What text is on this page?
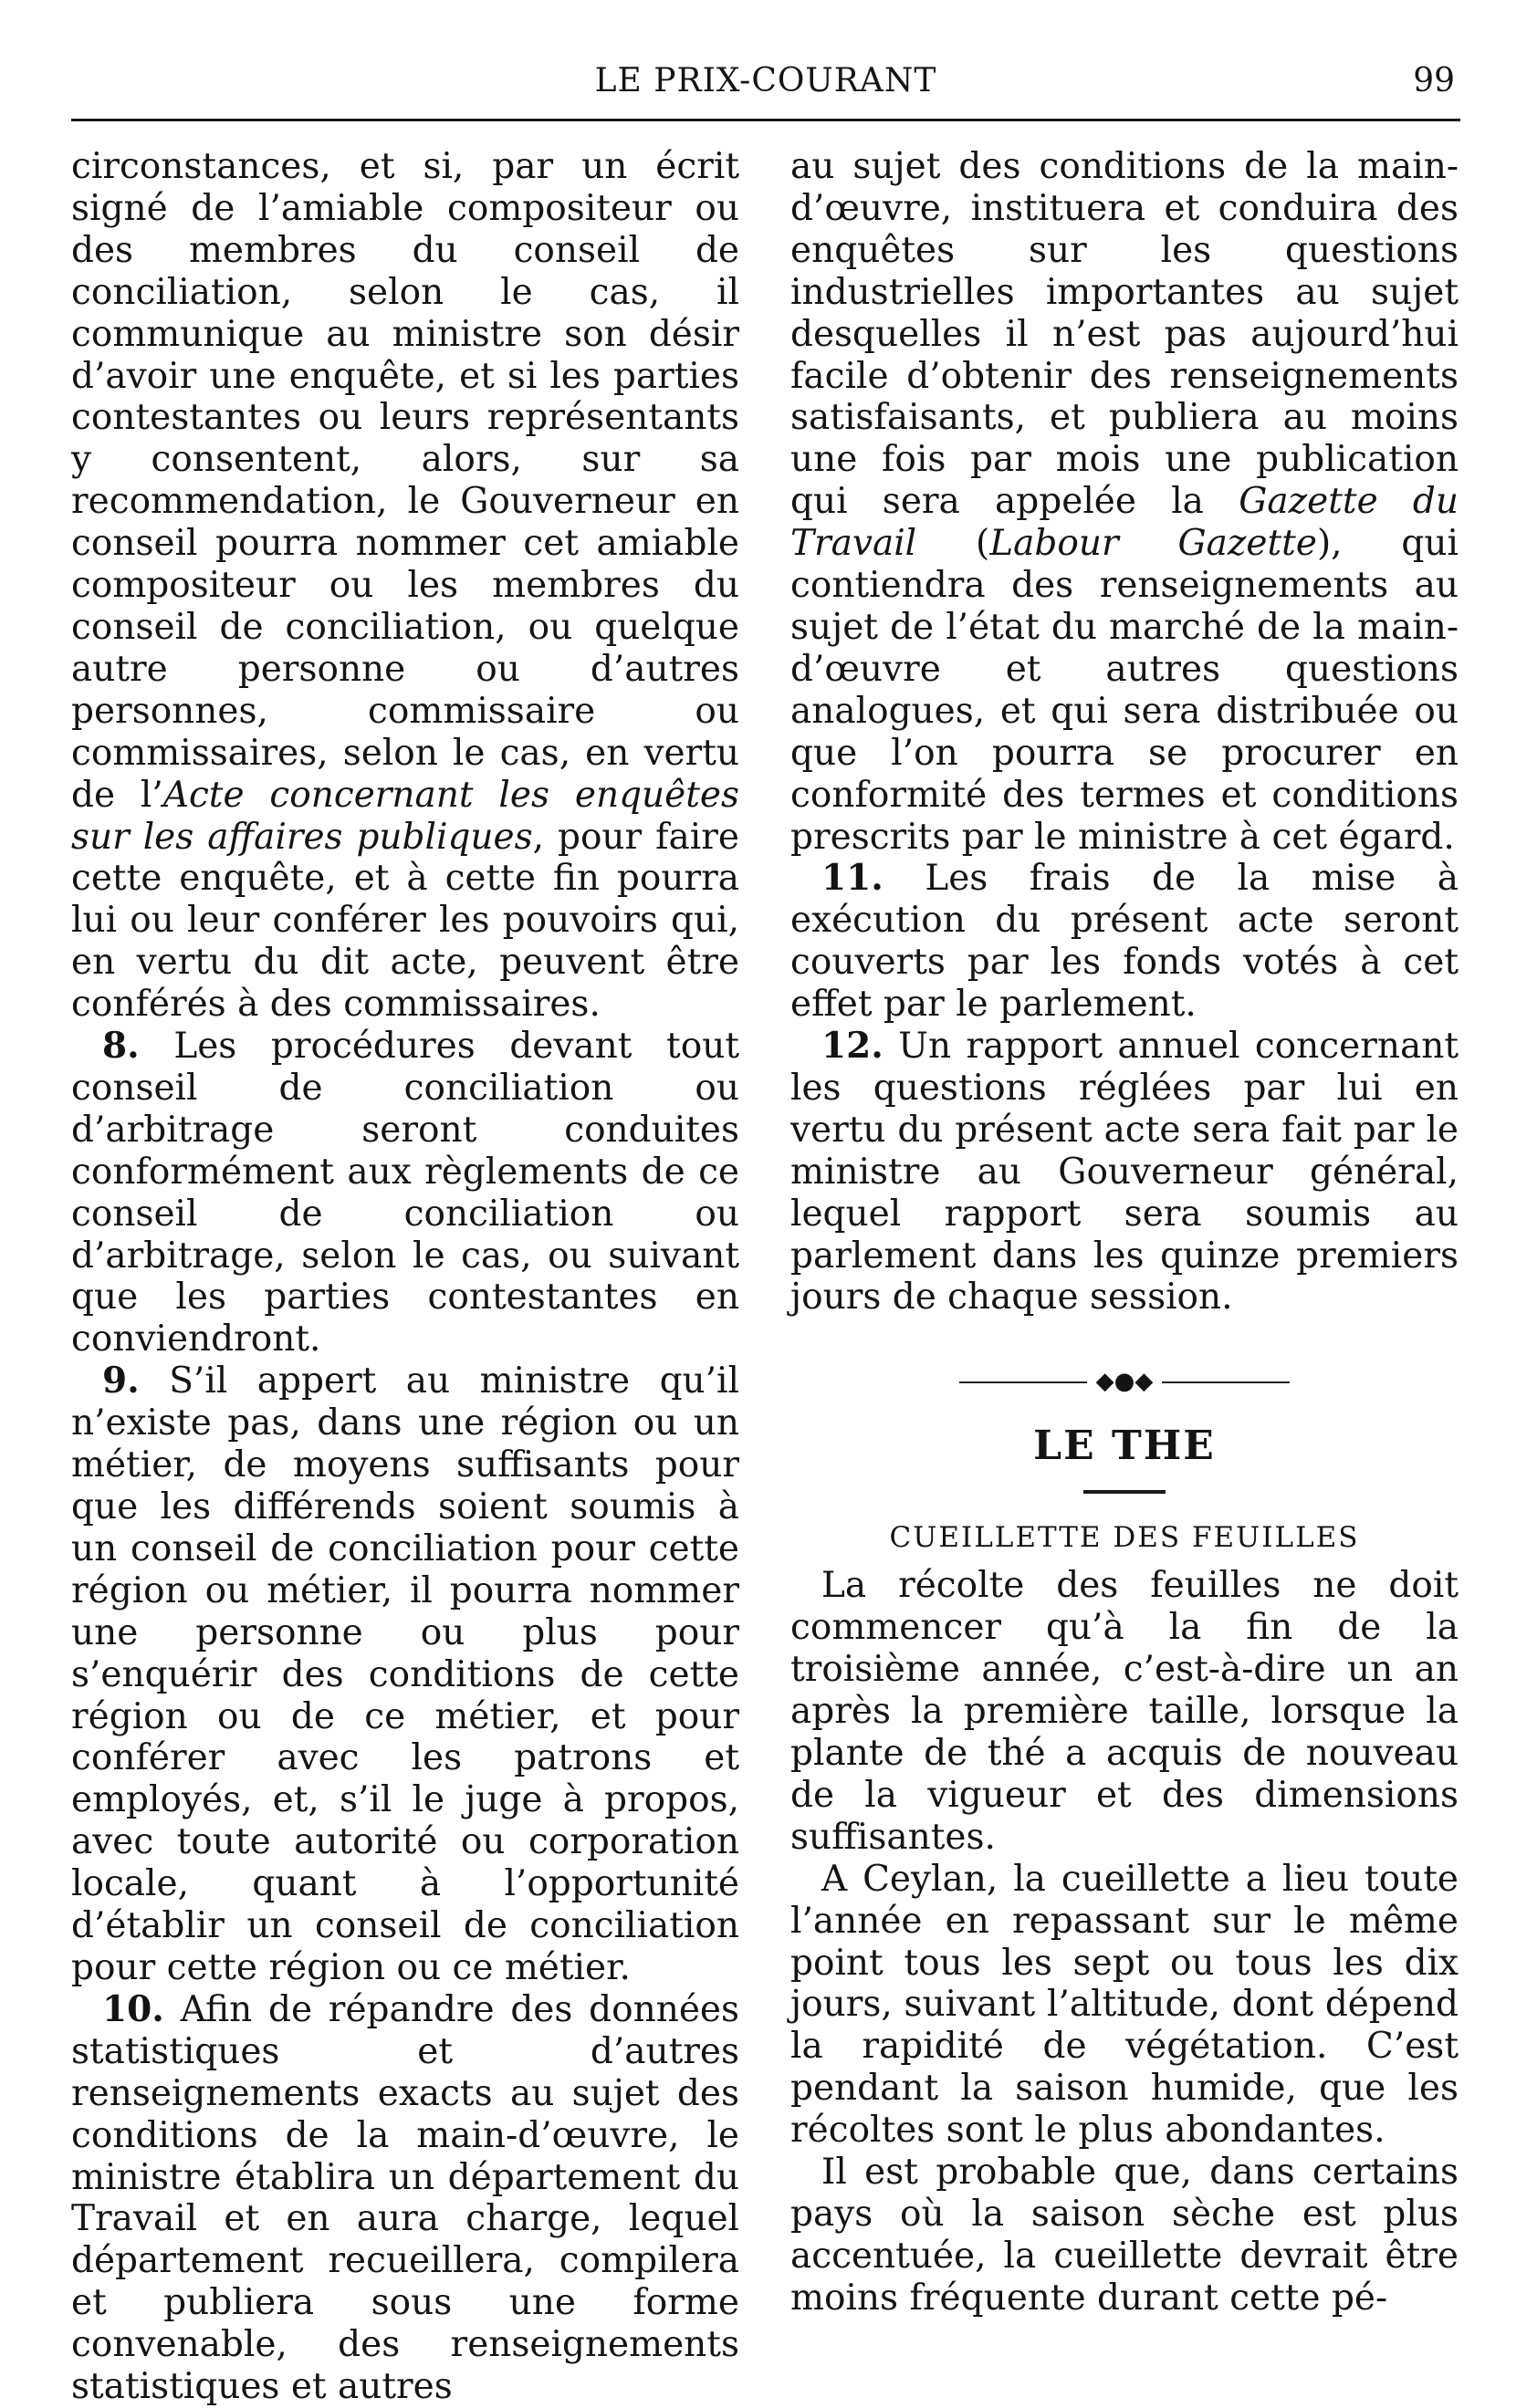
LE PRIX-COURANT	99

circonstances, et si, par un écrit signé de l’amiable compositeur ou des membres du conseil de conciliation, selon le cas, il communique au ministre son désir d’avoir une enquête, et si les parties contestantes ou leurs représentants y consentent, alors, sur sa recommendation, le Gouverneur en conseil pourra nommer cet amiable compositeur ou les membres du conseil de conciliation, ou quelque autre personne ou d’autres personnes, commissaire ou commissaires, selon le cas, en vertu de l’Acte concernant les enquêtes sur les affaires publiques, pour faire cette enquête, et à cette fin pourra lui ou leur conférer les pouvoirs qui, en vertu du dit acte, peuvent être conférés à des commissaires.

8. Les procédures devant tout conseil de conciliation ou d’arbitrage seront conduites conformément aux règlements de ce conseil de conciliation ou d’arbitrage, selon le cas, ou suivant que les parties contestantes en conviendront.

9. S’il appert au ministre qu’il n’existe pas, dans une région ou un métier, de moyens suffisants pour que les différends soient soumis à un conseil de conciliation pour cette région ou métier, il pourra nommer une personne ou plus pour s’enquérir des conditions de cette région ou de ce métier, et pour conférer avec les patrons et employés, et, s’il le juge à propos, avec toute autorité ou corporation locale, quant à l’opportunité d’établir un conseil de conciliation pour cette région ou ce métier.

10. Afin de répandre des données statistiques et d’autres renseignements exacts au sujet des conditions de la main-d’œuvre, le ministre établira un département du Travail et en aura charge, lequel département recueillera, compilera et publiera sous une forme convenable, des renseignements statistiques et autres

au sujet des conditions de la main-d’œuvre, instituera et conduira des enquêtes sur les questions industrielles importantes au sujet desquelles il n’est pas aujourd’hui facile d’obtenir des renseignements satisfaisants, et publiera au moins une fois par mois une publication qui sera appelée la Gazette du Travail (Labour Gazette), qui contiendra des renseignements au sujet de l’état du marché de la main-d’œuvre et autres questions analogues, et qui sera distribuée ou que l’on pourra se procurer en conformité des termes et conditions prescrits par le ministre à cet égard.

11. Les frais de la mise à exécution du présent acte seront couverts par les fonds votés à cet effet par le parlement.

12. Un rapport annuel concernant les questions réglées par lui en vertu du présent acte sera fait par le ministre au Gouverneur général, lequel rapport sera soumis au parlement dans les quinze premiers jours de chaque session.

◆●◆
LE THE
CUEILLETTE DES FEUILLES

La récolte des feuilles ne doit commencer qu’à la fin de la troisième année, c’est-à-dire un an après la première taille, lorsque la plante de thé a acquis de nouveau de la vigueur et des dimensions suffisantes.

A Ceylan, la cueillette a lieu toute l’année en repassant sur le même point tous les sept ou tous les dix jours, suivant l’altitude, dont dépend la rapidité de végétation. C’est pendant la saison humide, que les récoltes sont le plus abondantes.

Il est probable que, dans certains pays où la saison sèche est plus accentuée, la cueillette devrait être moins fréquente durant cette pé-
